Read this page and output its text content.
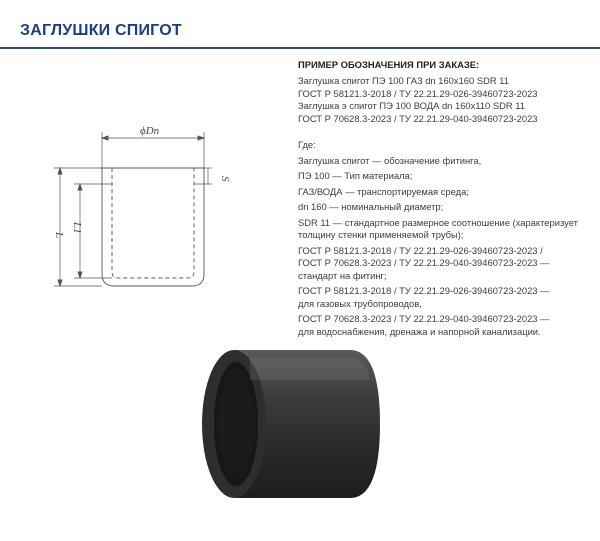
ЗАГЛУШКИ СПИГОТ
ϕDn
S
L
L1
ПРИМЕР ОБОЗНАЧЕНИЯ ПРИ ЗАКАЗЕ:
Заглушка спигот ПЭ 100 ГАЗ dn 160х160 SDR 11
ГОСТ Р 58121.3-2018 / ТУ 22.21.29-026-39460723-2023
Заглушка э спигот ПЭ 100 ВОДА dn 160х110 SDR 11
ГОСТ Р 70628.3-2023 / ТУ 22.21.29-040-39460723-2023
Где:
Заглушка спигот — обозначение фитинга,
ПЭ 100 — Тип материала;
ГАЗ/ВОДА — транспортируемая среда;
dn 160 — номинальный диаметр;
SDR 11 — стандартное размерное соотношение (характеризует
толщину стенки применяемой трубы);
ГОСТ Р 58121.3-2018 / ТУ 22.21.29-026-39460723-2023 /
ГОСТ Р 70628.3-2023 / ТУ 22.21.29-040-39460723-2023 —
стандарт на фитинг;
ГОСТ Р 58121.3-2018 / ТУ 22.21.29-026-39460723-2023 —
для газовых трубопроводов,
ГОСТ Р 70628.3-2023 / ТУ 22.21.29-040-39460723-2023 —
для водоснабжения, дренажа и напорной канализации.
